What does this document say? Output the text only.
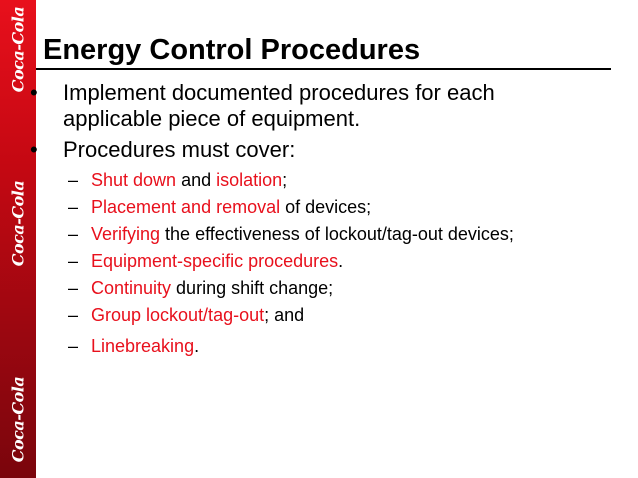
Coca-Cola
Coca-Cola
Coca-Cola
Energy Control Procedures
•	Implement documented procedures for each
applicable piece of equipment.
•	Procedures must cover:
– Shut down and isolation;
– Placement and removal of devices;
– Verifying the effectiveness of lockout/tag-out devices;
– Equipment-specific procedures.
– Continuity during shift change;
– Group lockout/tag-out; and
– Linebreaking.
